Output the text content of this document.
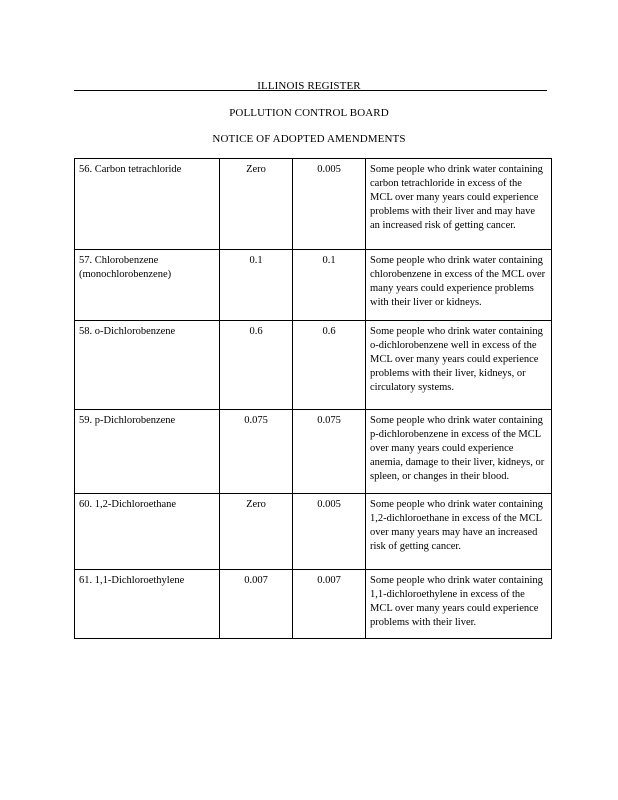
ILLINOIS REGISTER
POLLUTION CONTROL BOARD
NOTICE OF ADOPTED AMENDMENTS
56. Carbon tetrachloride	Zero	0.005	Some people who drink water containing carbon tetrachloride in excess of the MCL over many years could experience problems with their liver and may have an increased risk of getting cancer.
57. Chlorobenzene (monochlorobenzene)	0.1	0.1	Some people who drink water containing chlorobenzene in excess of the MCL over many years could experience problems with their liver or kidneys.
58. o-Dichlorobenzene	0.6	0.6	Some people who drink water containing o-dichlorobenzene well in excess of the MCL over many years could experience problems with their liver, kidneys, or circulatory systems.
59. p-Dichlorobenzene	0.075	0.075	Some people who drink water containing p-dichlorobenzene in excess of the MCL over many years could experience anemia, damage to their liver, kidneys, or spleen, or changes in their blood.
60. 1,2-Dichloroethane	Zero	0.005	Some people who drink water containing 1,2-dichloroethane in excess of the MCL over many years may have an increased risk of getting cancer.
61. 1,1-Dichloroethylene	0.007	0.007	Some people who drink water containing 1,1-dichloroethylene in excess of the MCL over many years could experience problems with their liver.
